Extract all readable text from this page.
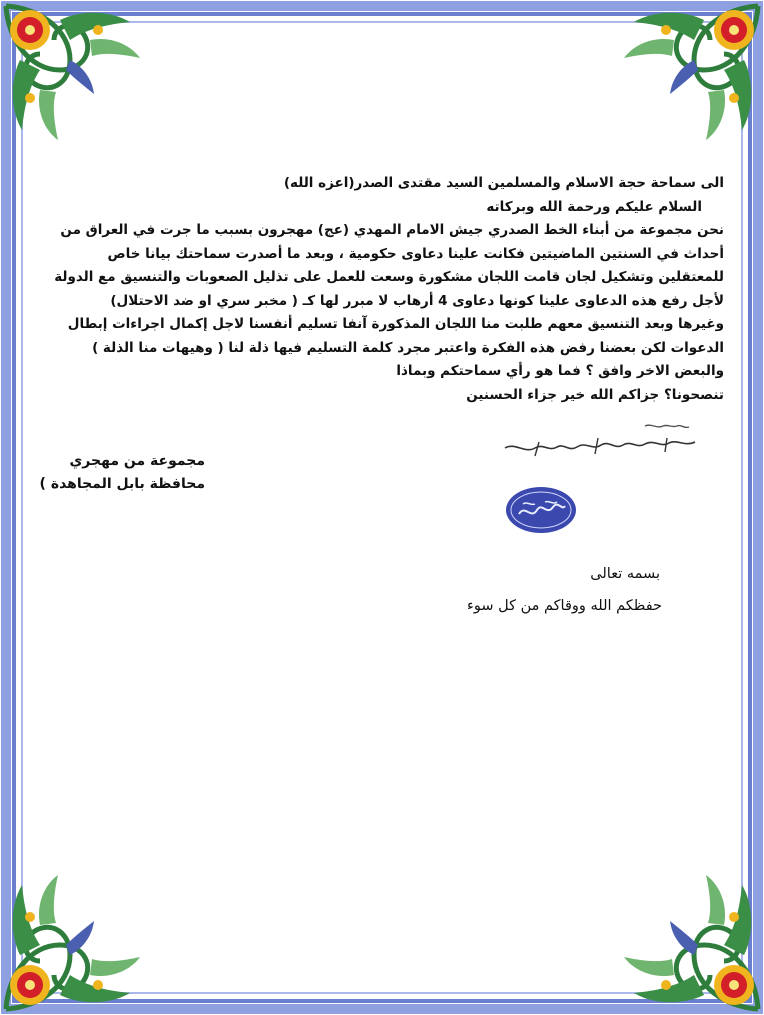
الى سماحة حجة الاسلام والمسلمين السيد مقتدى الصدر(اعزه الله)
السلام عليكم ورحمة الله وبركاته
نحن مجموعة من أبناء الخط الصدري جيش الامام المهدي (عج) مهجرون بسبب ما جرت في العراق من
أحداث في السنتين الماضيتين فكانت علينا دعاوى حكومية ، وبعد ما أصدرت سماحتك بيانا خاص
للمعتقلين وتشكيل لجان قامت اللجان مشكورة وسعت للعمل على تذليل الصعوبات والتنسيق مع الدولة
لأجل رفع هذه الدعاوى علينا كونها دعاوى 4 أرهاب لا مبرر لها كـ ( مخبر سري او ضد الاحتلال)
وغيرها وبعد التنسيق معهم طلبت منا اللجان المذكورة آنفا تسليم أنفسنا لاجل إكمال اجراءات إبطال
الدعوات لكن بعضنا رفض هذه الفكرة واعتبر مجرد كلمة التسليم فيها ذلة لنا ( وهيهات منا الذلة )
والبعض الاخر وافق ؟ فما هو رأي سماحتكم وبماذا
تنصحونا؟ جزاكم الله خير جزاء الحسنين
مجموعة من مهجري
محافظة بابل المجاهدة )
بسمه تعالى
حفظكم الله ووقاكم من كل سوء
